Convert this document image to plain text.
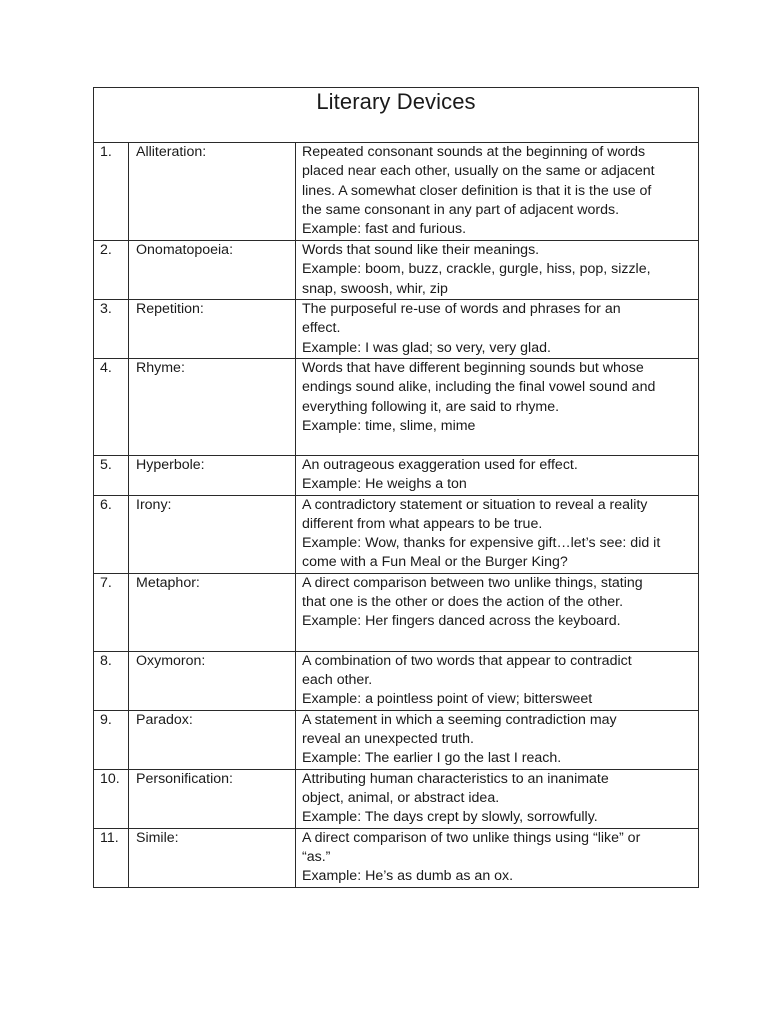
Literary Devices		

1.	Alliteration:	Repeated consonant sounds at the beginning of words
placed near each other, usually on the same or adjacent
lines. A somewhat closer definition is that it is the use of
the same consonant in any part of adjacent words.
Example: fast and furious.

2.	Onomatopoeia:	Words that sound like their meanings.
Example: boom, buzz, crackle, gurgle, hiss, pop, sizzle,
snap, swoosh, whir, zip

3.	Repetition:	The purposeful re-use of words and phrases for an
effect.
Example: I was glad; so very, very glad.

4.	Rhyme:	Words that have different beginning sounds but whose
endings sound alike, including the final vowel sound and
everything following it, are said to rhyme.
Example: time, slime, mime

5.	Hyperbole:	An outrageous exaggeration used for effect.
Example: He weighs a ton

6.	Irony:	A contradictory statement or situation to reveal a reality
different from what appears to be true.
Example: Wow, thanks for expensive gift…let’s see: did it
come with a Fun Meal or the Burger King?

7.	Metaphor:	A direct comparison between two unlike things, stating
that one is the other or does the action of the other.
Example: Her fingers danced across the keyboard.

8.	Oxymoron:	A combination of two words that appear to contradict
each other.
Example: a pointless point of view; bittersweet

9.	Paradox:	A statement in which a seeming contradiction may
reveal an unexpected truth.
Example: The earlier I go the last I reach.

10.	Personification:	Attributing human characteristics to an inanimate
object, animal, or abstract idea.
Example: The days crept by slowly, sorrowfully.

11.	Simile:	A direct comparison of two unlike things using “like” or
“as.”
Example: He’s as dumb as an ox.
